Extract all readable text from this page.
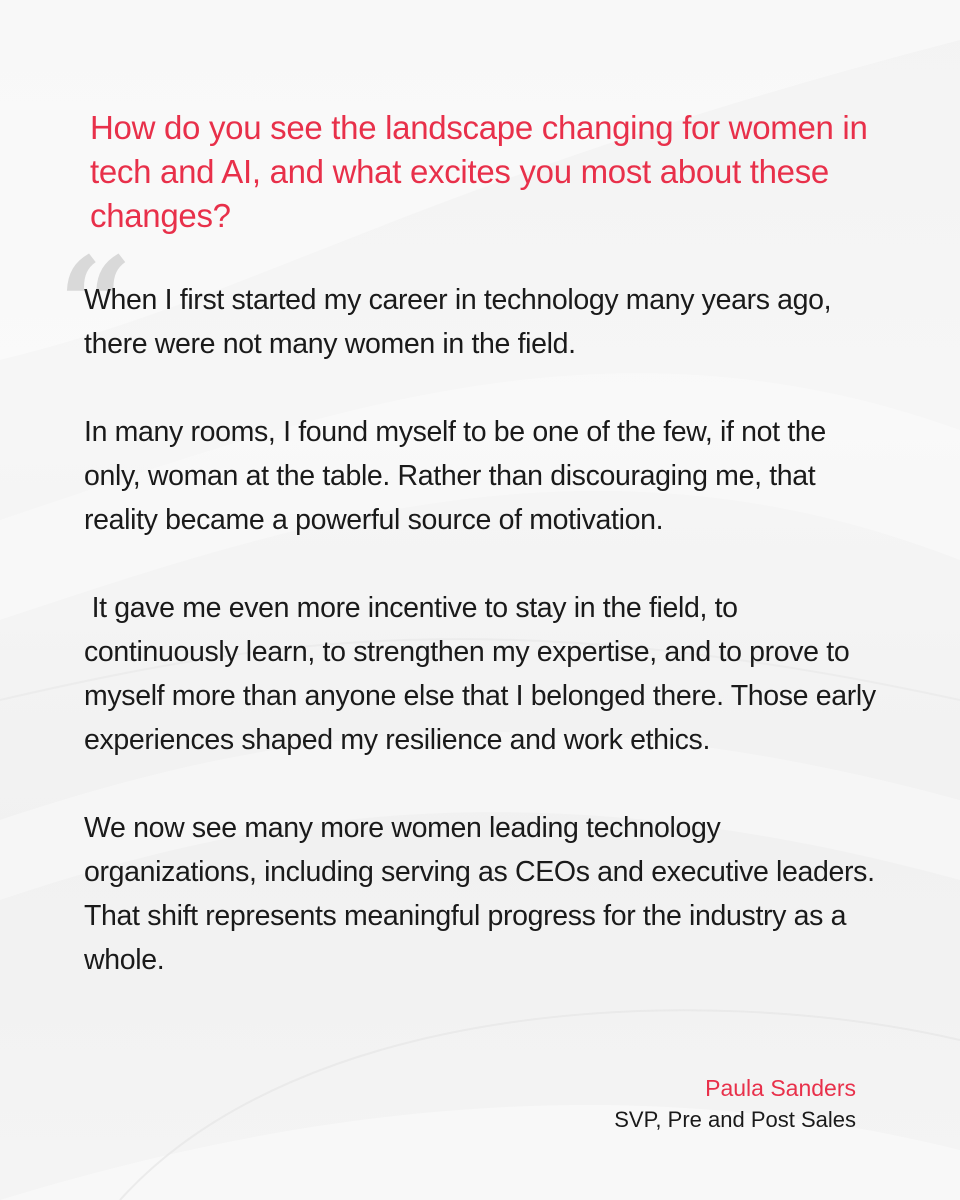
How do you see the landscape changing for women in tech and AI, and what excites you most about these changes?
“

When I first started my career in technology many years ago, there were not many women in the field.

In many rooms, I found myself to be one of the few, if not the only, woman at the table. Rather than discouraging me, that reality became a powerful source of motivation.

It gave me even more incentive to stay in the field, to continuously learn, to strengthen my expertise, and to prove to myself more than anyone else that I belonged there. Those early experiences shaped my resilience and work ethics.

We now see many more women leading technology organizations, including serving as CEOs and executive leaders. That shift represents meaningful progress for the industry as a whole.

Paula Sanders
SVP, Pre and Post Sales
